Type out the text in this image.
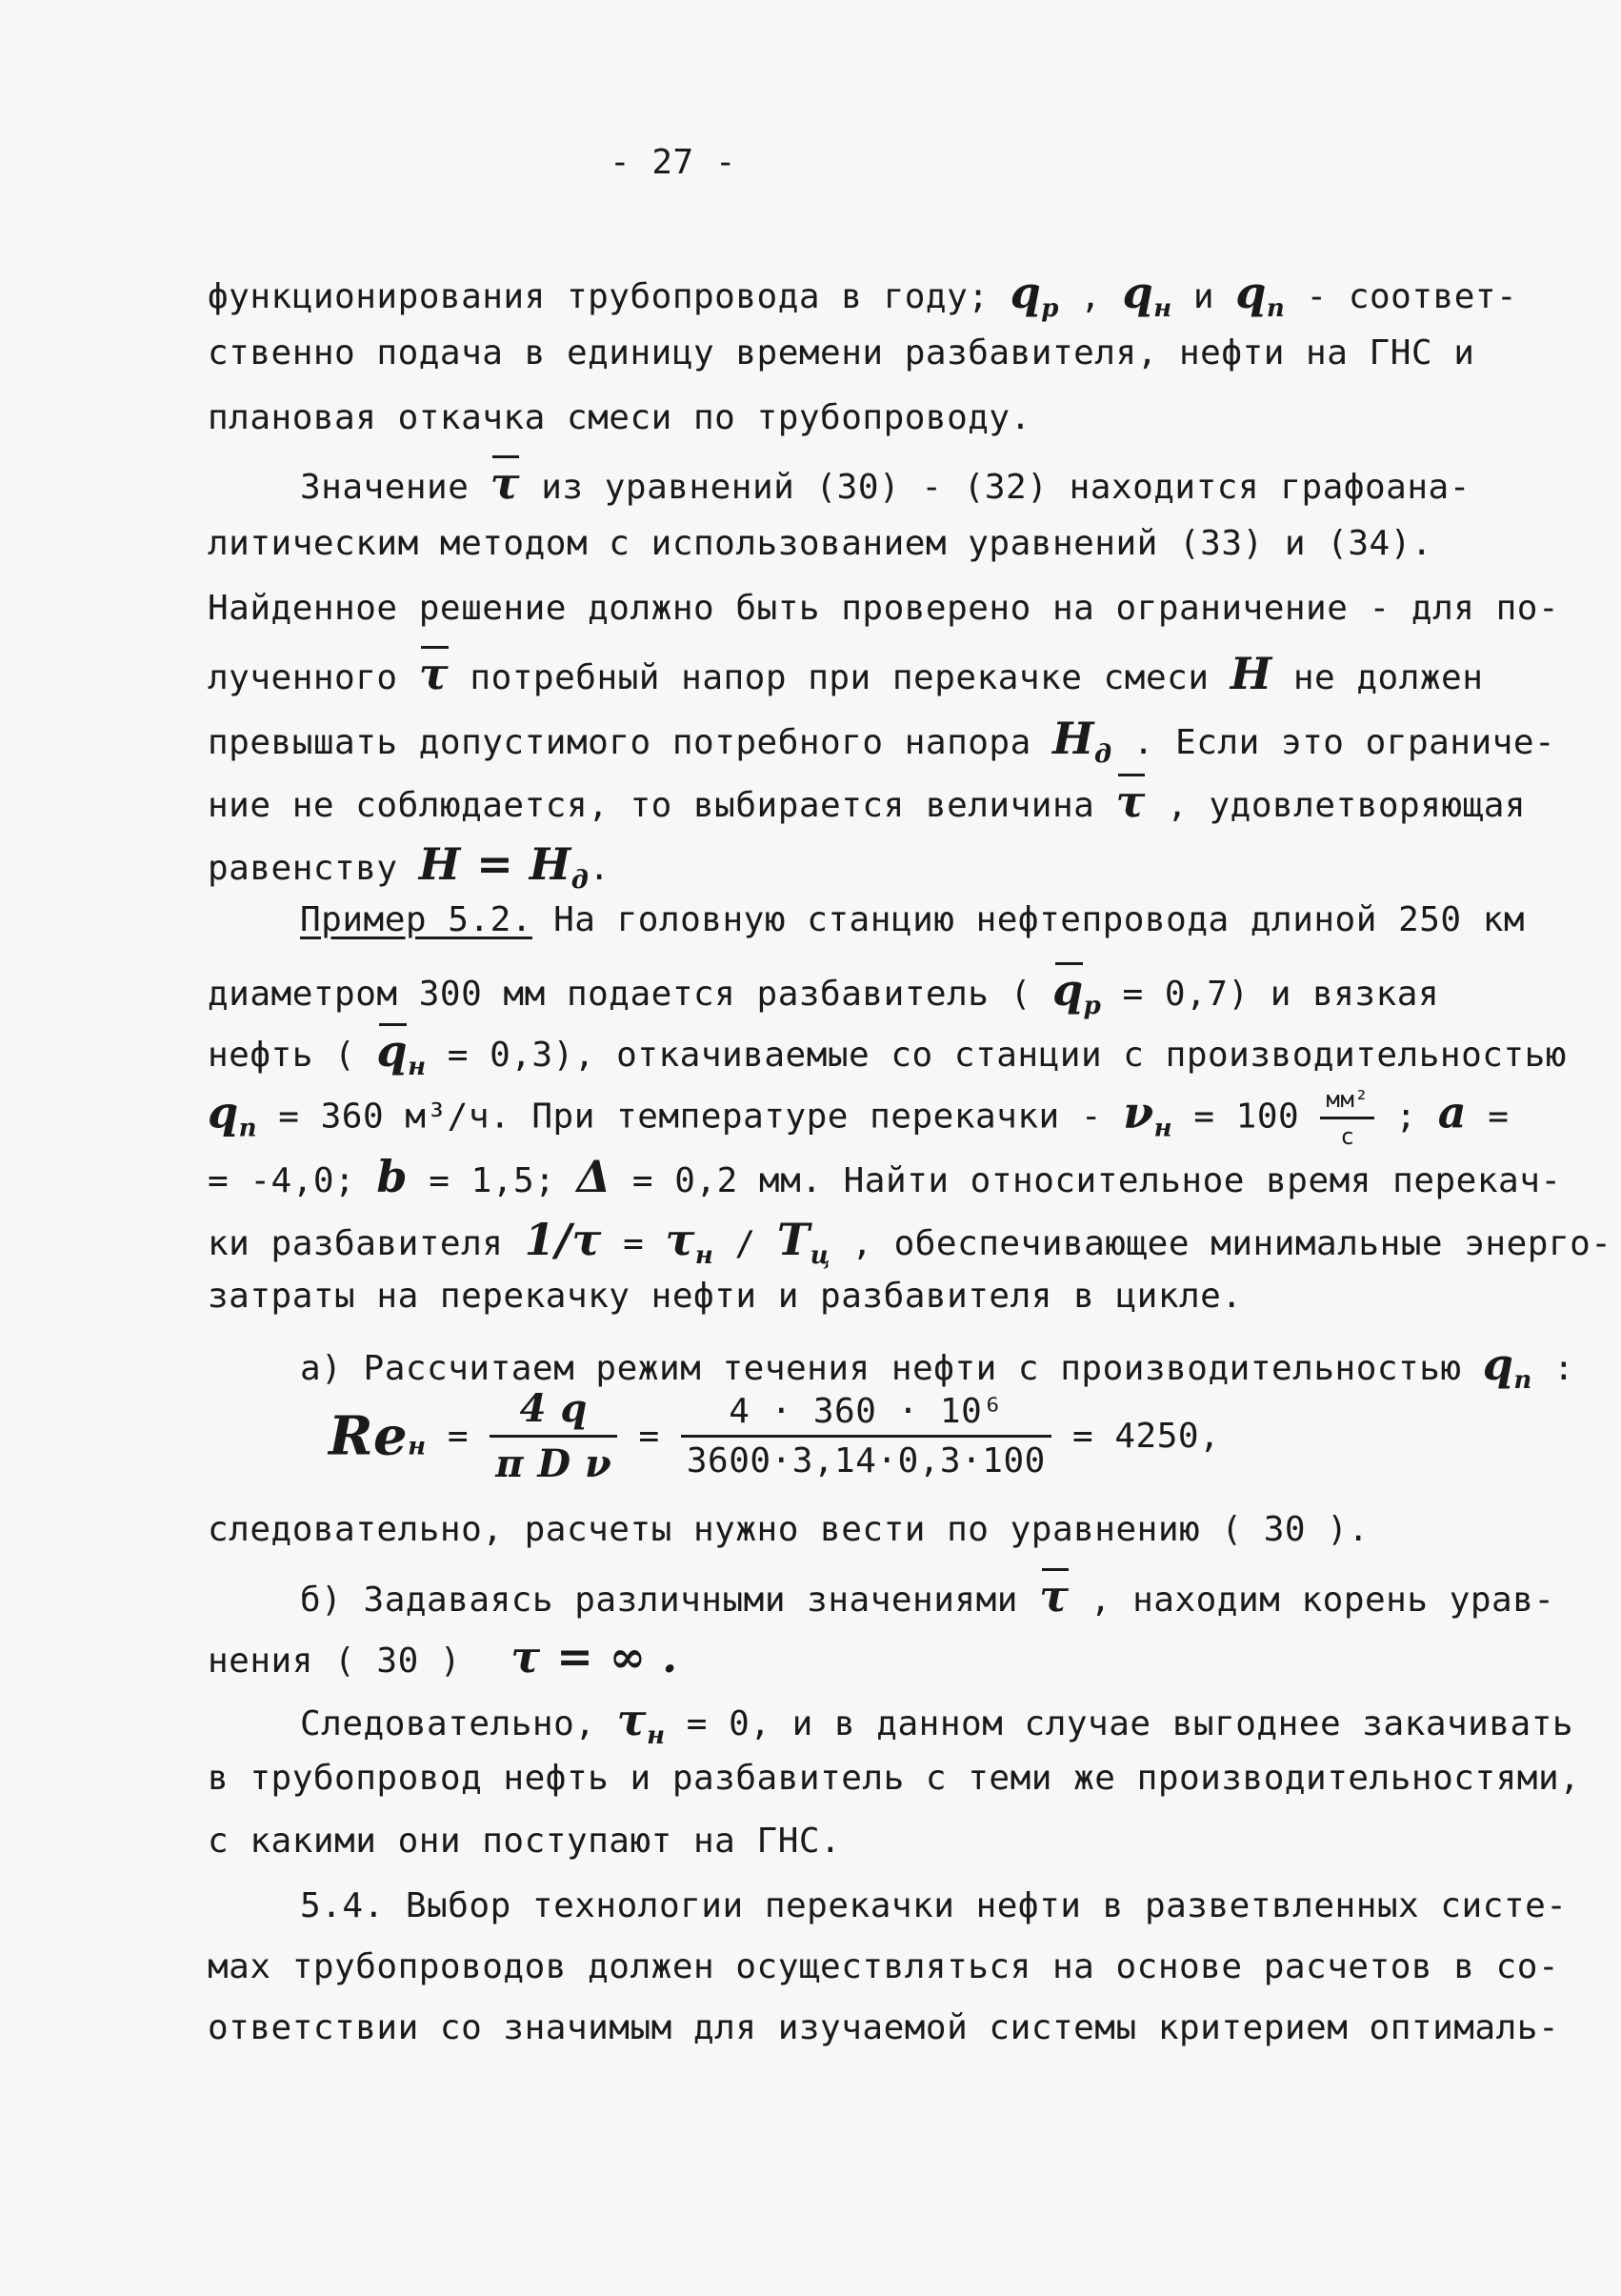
- 27 -
функционирования трубопровода в году; $q_р$ , $q_н$ и $q_п$ - соответ-
ственно подача в единицу времени разбавителя, нефти на ГНС и
плановая откачка смеси по трубопроводу.
Значение τ из уравнений (30) - (32) находится графоана-
литическим методом с использованием уравнений (33) и (34).
Найденное решение должно быть проверено на ограничение - для по-
лученного τ потребный напор при перекачке смеси H не должен
превышать допустимого потребного напора $H_д$ . Если это ограниче-
ние не соблюдается, то выбирается величина τ , удовлетворяющая
равенству $H = H_д$.
Пример 5.2. На головную станцию нефтепровода длиной 250 км
диаметром 300 мм подается разбавитель ( $q_р = 0,7$) и вязкая
нефть ( $q_н = 0,3$), откачиваемые со станции с производительностью
$q_п = 360$ м³/ч. При температуре перекачки - $\nu_н = 100 \frac{\text{мм²}}{с}$ ; a =
= -4,0; b = 1,5; Δ = 0,2 мм. Найти относительное время перекач-
ки разбавителя $1/\tau = \tau_н / T_ц$ , обеспечивающее минимальные энерго-
затраты на перекачку нефти и разбавителя в цикле.
а) Рассчитаем режим течения нефти с производительностью $q_п$ :
$Re_н = \frac{4 q}{\text{π D ν}} = \frac{\text{4 · 360 · 10⁶}}{3600\cdot 3,14\cdot 0,3\cdot 100} = 4250$,
следовательно, расчеты нужно вести по уравнению ( 30 ).
б) Задаваясь различными значениями τ , находим корень урав-
нения ( 30 ) τ = ∞ .
Следовательно, $\tau_н = 0$, и в данном случае выгоднее закачивать
в трубопровод нефть и разбавитель с теми же производительностями,
с какими они поступают на ГНС.
5.4. Выбор технологии перекачки нефти в разветвленных систе-
мах трубопроводов должен осуществляться на основе расчетов в со-
ответствии со значимым для изучаемой системы критерием оптималь-
